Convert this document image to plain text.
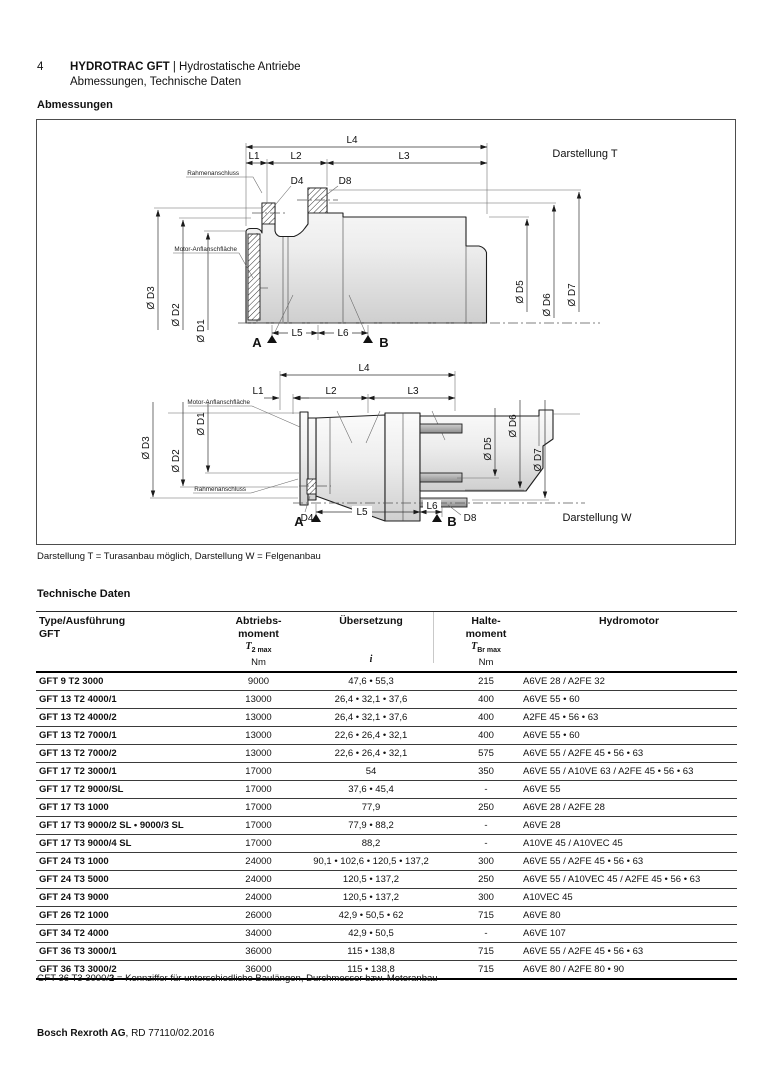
4	HYDROTRAC GFT | Hydrostatische Antriebe
Abmessungen, Technische Daten
Abmessungen
Ø D5
Ø D6 Ø D7
Ø D3
Ø D2
Ø D1
L4
L1	L2	L3
D4	D8
L5	L6
A	B
Rahmenanschluss
Motor-Anflanschfläche
Darstellung T
L4
L1	L2	L3
Ø D3
Ø D2
Ø D1
Ø D5
Ø D6
Ø D7
Rahmenanschluss
Motor-Anflanschfläche
D4
L5
L6
D8
A	B	Darstellung W
Darstellung T = Turasanbau möglich, Darstellung W = Felgenanbau
Technische Daten
Type/Ausführung
GFT

Abtriebs-
moment
$T_{2 max}$
Nm

Übersetzung
i

Halte-
moment
$T_{Br max}$
Nm
	Hydromotor
GFT 9 T2 3000	9000	47,6 • 55,3	215	A6VE 28 / A2FE 32
GFT 13 T2 4000/1	13000	26,4 • 32,1 • 37,6	400	A6VE 55 • 60
GFT 13 T2 4000/2	13000	26,4 • 32,1 • 37,6	400	A2FE 45 • 56 • 63
GFT 13 T2 7000/1	13000	22,6 • 26,4 • 32,1	400	A6VE 55 • 60
GFT 13 T2 7000/2	13000	22,6 • 26,4 • 32,1	575	A6VE 55 / A2FE 45 • 56 • 63
GFT 17 T2 3000/1	17000	54	350	A6VE 55 / A10VE 63 / A2FE 45 • 56 • 63
GFT 17 T2 9000/SL	17000	37,6 • 45,4	-	A6VE 55
GFT 17 T3 1000	17000	77,9	250	A6VE 28 / A2FE 28
GFT 17 T3 9000/2 SL • 9000/3 SL	17000	77,9 • 88,2	-	A6VE 28
GFT 17 T3 9000/4 SL	17000	88,2	-	A10VE 45 / A10VEC 45
GFT 24 T3 1000	24000	90,1 • 102,6 • 120,5 • 137,2	300	A6VE 55 / A2FE 45 • 56 • 63
GFT 24 T3 5000	24000	120,5 • 137,2	250	A6VE 55 / A10VEC 45 / A2FE 45 • 56 • 63
GFT 24 T3 9000	24000	120,5 • 137,2	300	A10VEC 45
GFT 26 T2 1000	26000	42,9 • 50,5 • 62	715	A6VE 80
GFT 34 T2 4000	34000	42,9 • 50,5	-	A6VE 107
GFT 36 T3 3000/1	36000	115 • 138,8	715	A6VE 55 / A2FE 45 • 56 • 63
GFT 36 T3 3000/2	36000	115 • 138,8	715	A6VE 80 / A2FE 80 • 90
GFT 36 T3 3000/2 = Kennziffer für unterschiedliche Baulängen, Durchmesser bzw. Motoranbau
Bosch Rexroth AG, RD 77110/02.2016
